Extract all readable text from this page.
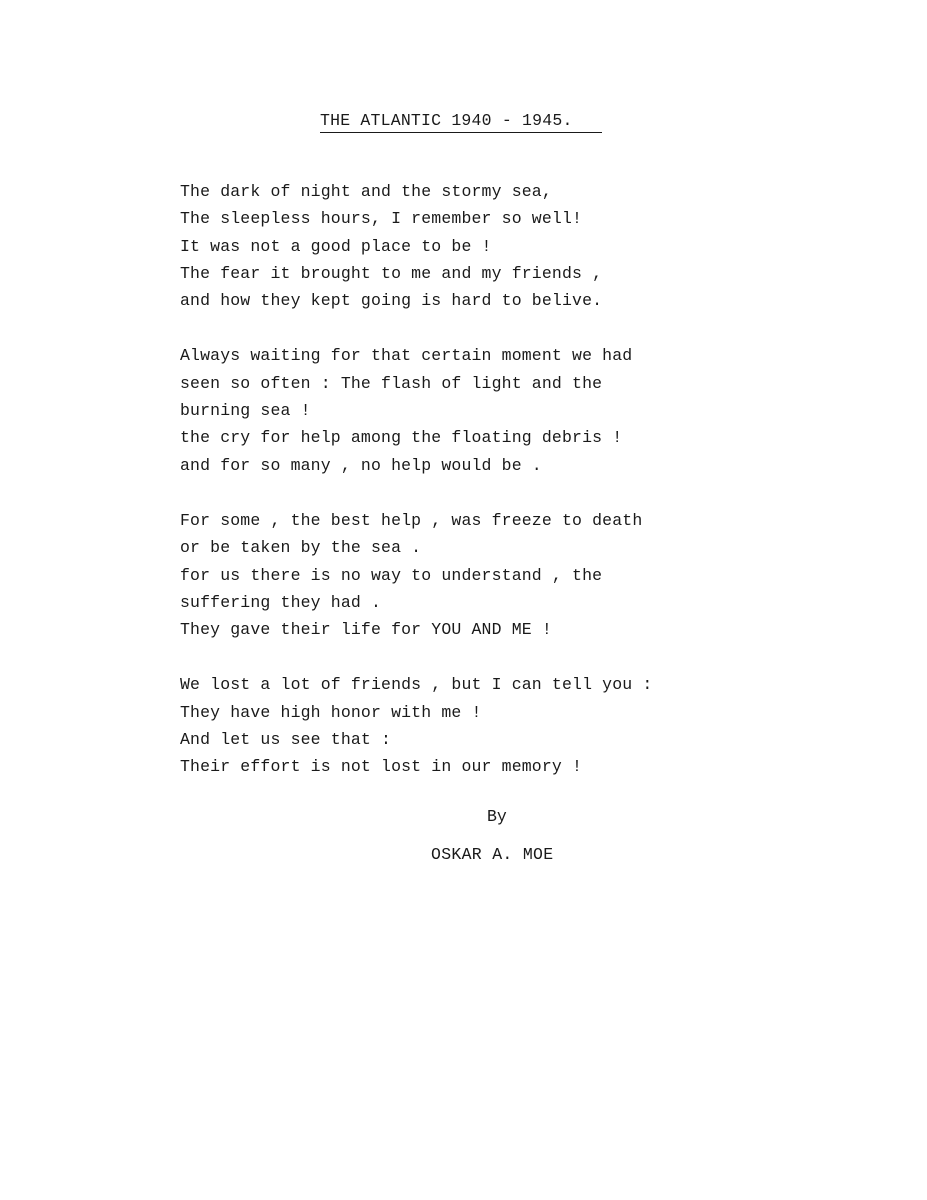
THE ATLANTIC 1940 - 1945.
The dark of night and the stormy sea,
The sleepless hours, I remember so well!
It was not a good place to be !
The fear it brought to me and my friends ,
and how they kept going is hard to belive.
Always waiting for that certain moment we had
seen so often : The flash of light and the
burning sea !
the cry for help among the floating debris !
and for so many , no help would be .
For some , the best help , was freeze to death
or be taken by the sea .
for us there is no way to understand , the
suffering they had .
They gave their life for YOU AND ME !
We lost a lot of friends , but I can tell you :
They have high honor with me !
And let us see that :
Their effort is not lost in our memory !
By
OSKAR A. MOE
